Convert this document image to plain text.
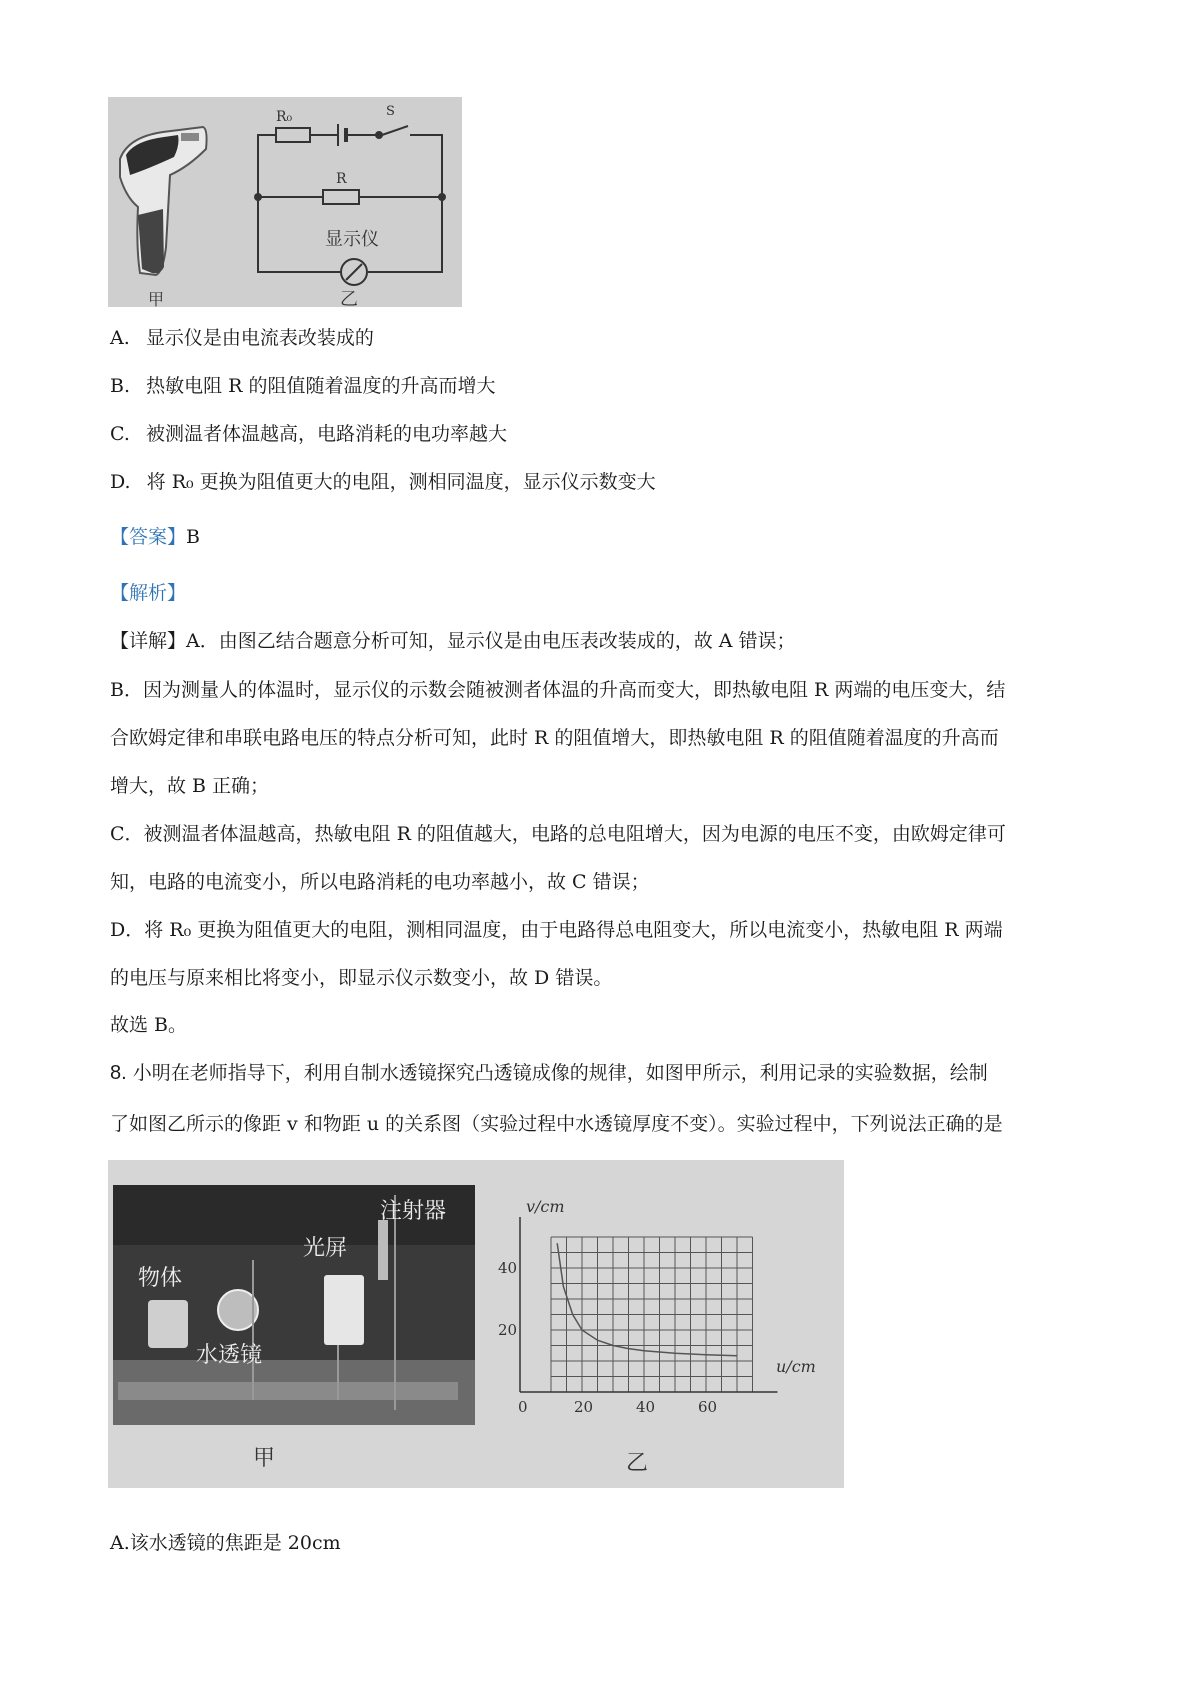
R₀	S
R
显示仪
甲	乙
A. 显示仪是由电流表改装成的
B. 热敏电阻 R 的阻值随着温度的升高而增大
C. 被测温者体温越高，电路消耗的电功率越大
D. 将 R₀ 更换为阻值更大的电阻，测相同温度，显示仪示数变大
【答案】B
【解析】
【详解】A．由图乙结合题意分析可知，显示仪是由电压表改装成的，故 A 错误；
B．因为测量人的体温时，显示仪的示数会随被测者体温的升高而变大，即热敏电阻 R 两端的电压变大，结
合欧姆定律和串联电路电压的特点分析可知，此时 R 的阻值增大，即热敏电阻 R 的阻值随着温度的升高而
增大，故 B 正确；
C．被测温者体温越高，热敏电阻 R 的阻值越大，电路的总电阻增大，因为电源的电压不变，由欧姆定律可
知，电路的电流变小，所以电路消耗的电功率越小，故 C 错误；
D．将 R₀ 更换为阻值更大的电阻，测相同温度，由于电路得总电阻变大，所以电流变小，热敏电阻 R 两端
的电压与原来相比将变小，即显示仪示数变小，故 D 错误。
故选 B。
8. 小明在老师指导下，利用自制水透镜探究凸透镜成像的规律，如图甲所示，利用记录的实验数据，绘制
了如图乙所示的像距 v 和物距 u 的关系图（实验过程中水透镜厚度不变）。实验过程中，下列说法正确的是
物体
水透镜
光屏
注射器
甲
20	40	60
20
40
v/cm
u/cm
0
乙
A.该水透镜的焦距是 20cm
